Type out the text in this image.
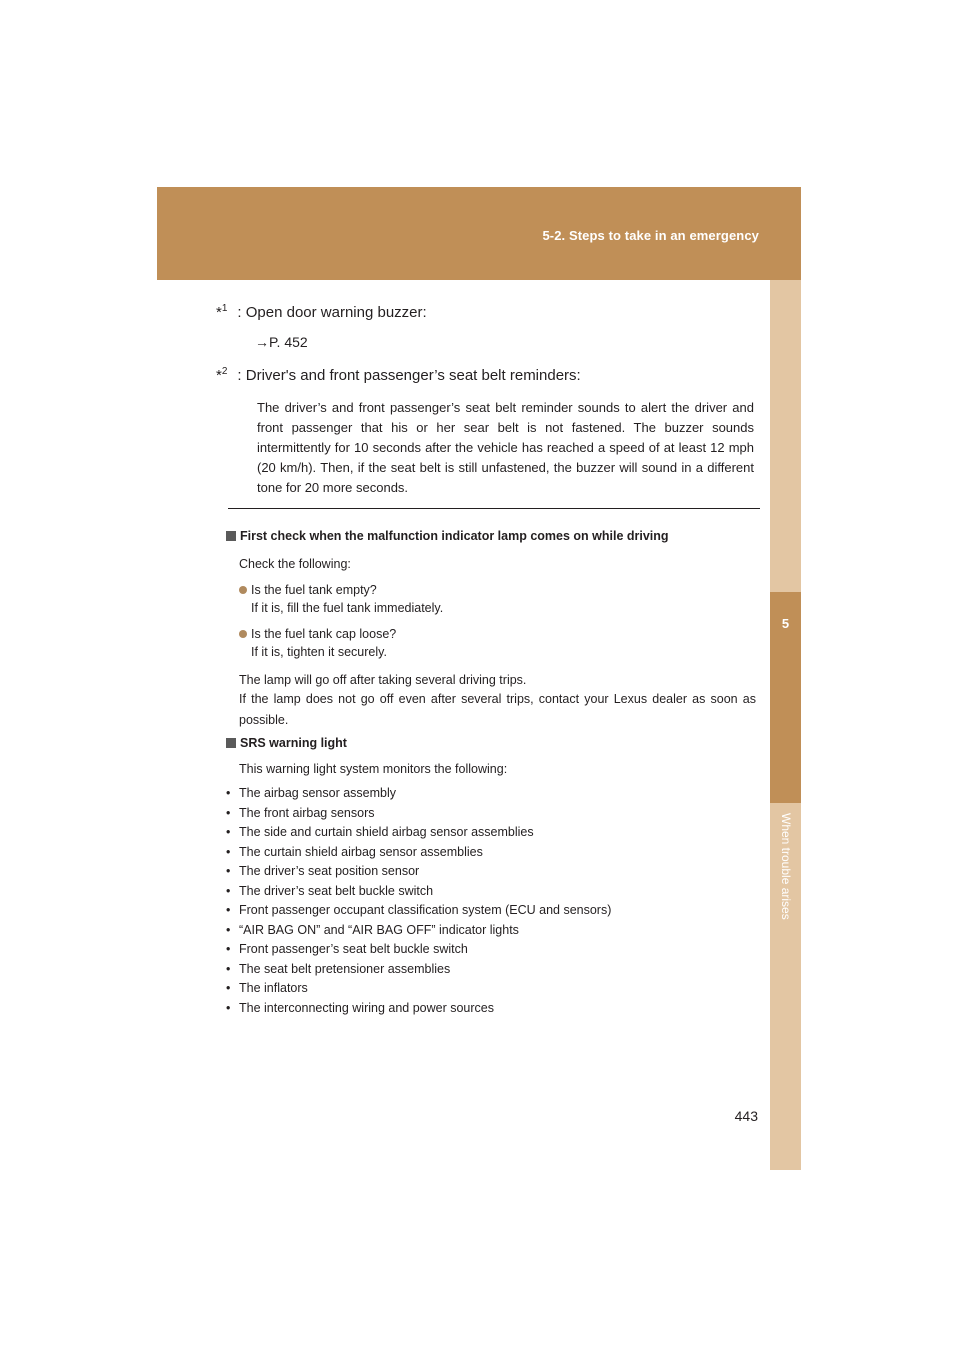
5-2. Steps to take in an emergency
5
When trouble arises
*$^1$ : Open door warning buzzer:
→P. 452
*$^2$ : Driver's and front passenger’s seat belt reminders:
The driver’s and front passenger’s seat belt reminder sounds to alert the driver and front passenger that his or her sear belt is not fastened. The buzzer sounds intermittently for 10 seconds after the vehicle has reached a speed of at least 12 mph (20 km/h). Then, if the seat belt is still unfastened, the buzzer will sound in a different tone for 20 more seconds.
First check when the malfunction indicator lamp comes on while driving
Check the following:
Is the fuel tank empty?
If it is, fill the fuel tank immediately.
Is the fuel tank cap loose?
If it is, tighten it securely.
The lamp will go off after taking several driving trips.
If the lamp does not go off even after several trips, contact your Lexus dealer as soon as possible.
SRS warning light
This warning light system monitors the following:
• The airbag sensor assembly
• The front airbag sensors
• The side and curtain shield airbag sensor assemblies
• The curtain shield airbag sensor assemblies
• The driver’s seat position sensor
• The driver’s seat belt buckle switch
• Front passenger occupant classification system (ECU and sensors)
• “AIR BAG ON” and “AIR BAG OFF” indicator lights
• Front passenger’s seat belt buckle switch
• The seat belt pretensioner assemblies
• The inflators
• The interconnecting wiring and power sources
443
